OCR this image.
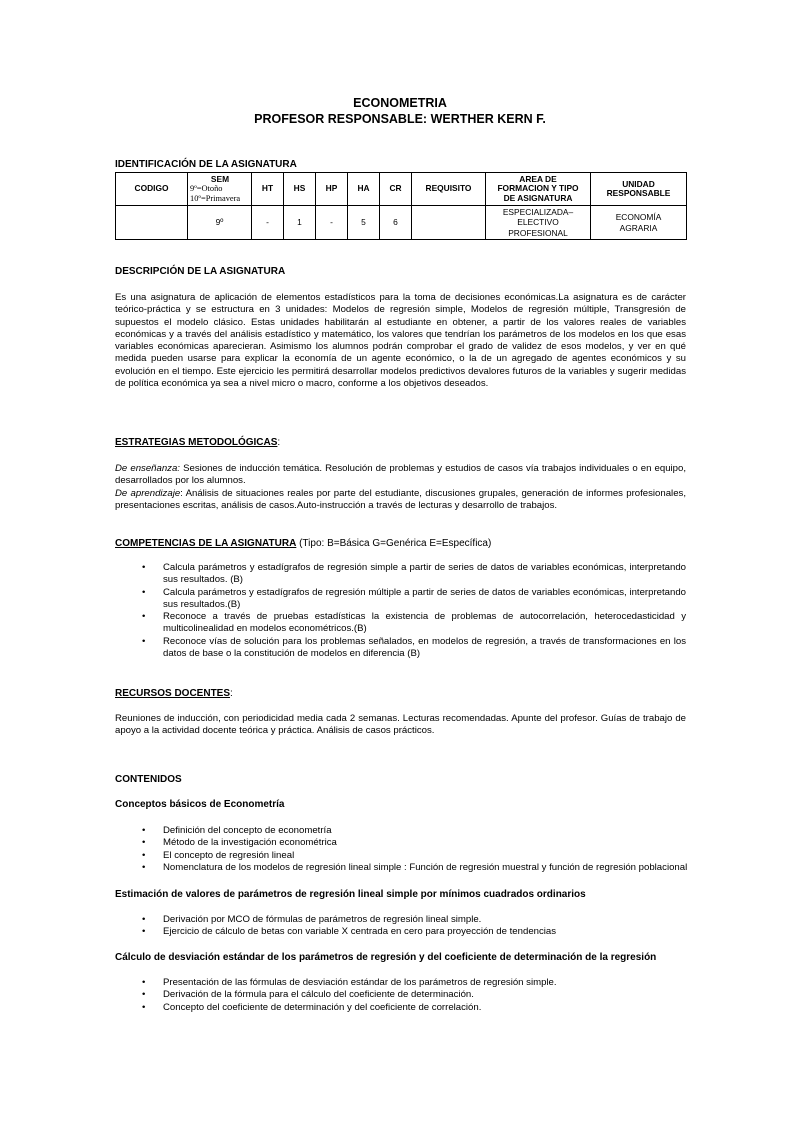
ECONOMETRIA
PROFESOR RESPONSABLE: WERTHER KERN F.
IDENTIFICACIÓN DE LA ASIGNATURA
CODIGO	SEM
9º=Otoño
10º=Primavera	HT	HS	HP	HA	CR	REQUISITO	AREA DE
FORMACION Y TIPO
DE ASIGNATURA	UNIDAD
RESPONSABLE

	9º	-	1	-	5	6		ESPECIALIZADA–
ELECTIVO
PROFESIONAL	ECONOMÍA
AGRARIA
DESCRIPCIÓN DE LA ASIGNATURA

Es una asignatura de aplicación de elementos estadísticos para la toma de decisiones económicas.La asignatura es de carácter teórico-práctica y se estructura en 3 unidades: Modelos de regresión simple, Modelos de regresión múltiple, Transgresión de supuestos el modelo clásico. Estas unidades habilitarán al estudiante en obtener, a partir de los valores reales de variables económicas y a través del análisis estadístico y matemático, los valores que tendrían los parámetros de los modelos en los que esas variables económicas aparecieran. Asimismo los alumnos podrán comprobar el grado de validez de esos modelos, y ver en qué medida pueden usarse para explicar la economía de un agente económico, o la de un agregado de agentes económicos y su evolución en el tiempo. Este ejercicio les permitirá desarrollar modelos predictivos devalores futuros de la variables y sugerir medidas de política económica ya sea a nivel micro o macro, conforme a los objetivos deseados.

ESTRATEGIAS METODOLÓGICAS:

De enseñanza: Sesiones de inducción temática. Resolución de problemas y estudios de casos vía trabajos individuales o en equipo, desarrollados por los alumnos.

De aprendizaje: Análisis de situaciones reales por parte del estudiante, discusiones grupales, generación de informes profesionales, presentaciones escritas, análisis de casos.Auto-instrucción a través de lecturas y desarrollo de trabajos.

COMPETENCIAS DE LA ASIGNATURA (Tipo: B=Básica G=Genérica E=Específica)
• Calcula parámetros y estadígrafos de regresión simple a partir de series de datos de variables económicas, interpretando sus resultados. (B)
• Calcula parámetros y estadígrafos de regresión múltiple a partir de series de datos de variables económicas, interpretando sus resultados.(B)
• Reconoce a través de pruebas estadísticas la existencia de problemas de autocorrelación, heterocedasticidad y multicolinealidad en modelos econométricos.(B)
• Reconoce vías de solución para los problemas señalados, en modelos de regresión, a través de transformaciones en los datos de base o la constitución de modelos en diferencia (B)
RECURSOS DOCENTES:

Reuniones de inducción, con periodicidad media cada 2 semanas. Lecturas recomendadas. Apunte del profesor. Guías de trabajo de apoyo a la actividad docente teórica y práctica. Análisis de casos prácticos.

CONTENIDOS
Conceptos básicos de Econometría
• Definición del concepto de econometría
• Método de la investigación econométrica
• El concepto de regresión lineal
• Nomenclatura de los modelos de regresión lineal simple : Función de regresión muestral y función de regresión poblacional
Estimación de valores de parámetros de regresión lineal simple por mínimos cuadrados ordinarios
• Derivación por MCO de fórmulas de parámetros de regresión lineal simple.
• Ejercicio de cálculo de betas con variable X centrada en cero para proyección de tendencias
Cálculo de desviación estándar de los parámetros de regresión y del coeficiente de determinación de la regresión
• Presentación de las fórmulas de desviación estándar de los parámetros de regresión simple.
• Derivación de la fórmula para el cálculo del coeficiente de determinación.
• Concepto del coeficiente de determinación y del coeficiente de correlación.
